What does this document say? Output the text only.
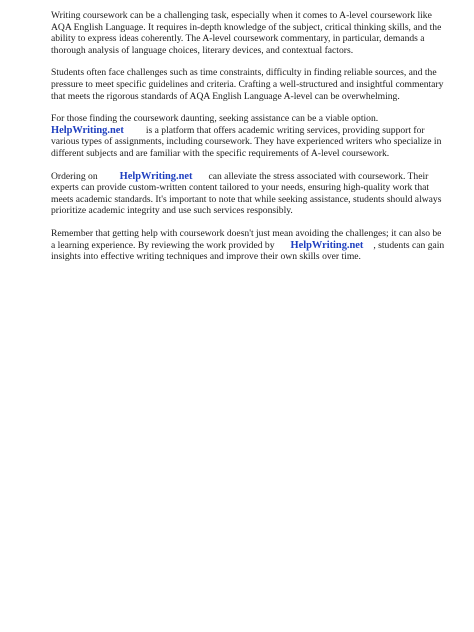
Writing coursework can be a challenging task, especially when it comes to A-level coursework like AQA English Language. It requires in-depth knowledge of the subject, critical thinking skills, and the ability to express ideas coherently. The A-level coursework commentary, in particular, demands a thorough analysis of language choices, literary devices, and contextual factors.

Students often face challenges such as time constraints, difficulty in finding reliable sources, and the pressure to meet specific guidelines and criteria. Crafting a well-structured and insightful commentary that meets the rigorous standards of AQA English Language A-level can be overwhelming.

For those finding the coursework daunting, seeking assistance can be a viable option.
HelpWriting.net is a platform that offers academic writing services, providing support for various types of assignments, including coursework. They have experienced writers who specialize in different subjects and are familiar with the specific requirements of A-level coursework.

Ordering on HelpWriting.net can alleviate the stress associated with coursework. Their experts can provide custom-written content tailored to your needs, ensuring high-quality work that meets academic standards. It's important to note that while seeking assistance, students should always prioritize academic integrity and use such services responsibly.

Remember that getting help with coursework doesn't just mean avoiding the challenges; it can also be a learning experience. By reviewing the work provided by HelpWriting.net , students can gain insights into effective writing techniques and improve their own skills over time.
